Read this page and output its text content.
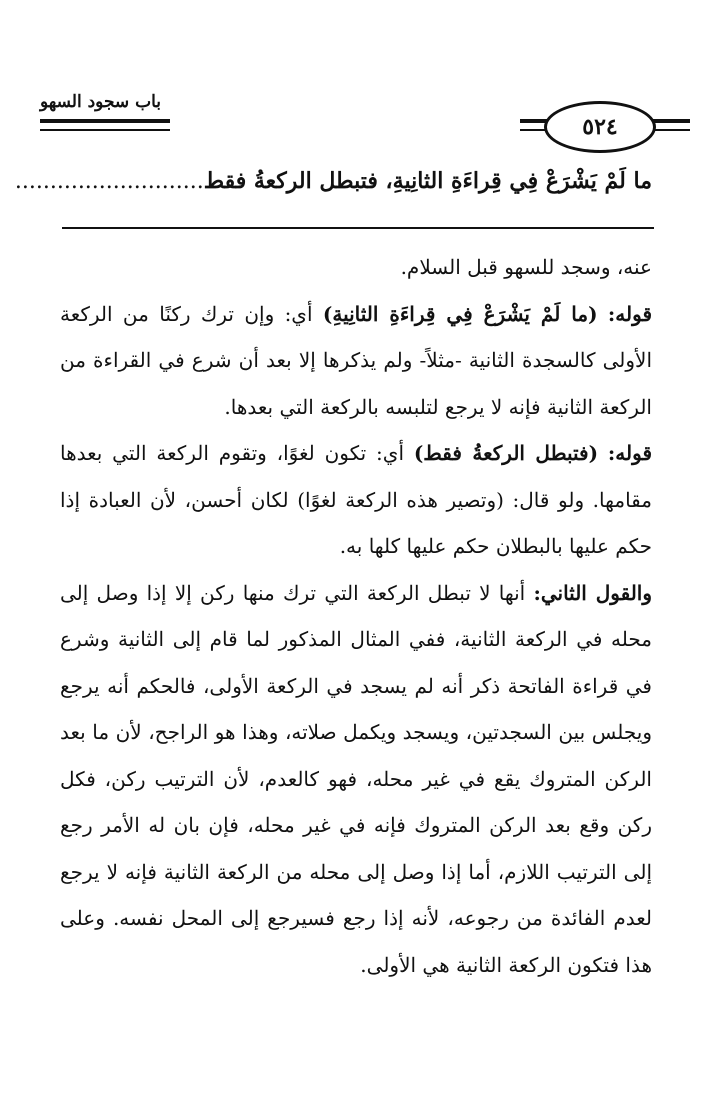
٥٢٤
باب سجود السهو
ما لَمْ يَشْرَعْ فِي قِراءَةِ الثانِيةِ، فتبطل الركعةُ فقط...........................

عنه، وسجد للسهو قبل السلام.

قوله: (ما لَمْ يَشْرَعْ فِي قِراءَةِ الثانِيةِ) أي: وإن ترك ركنًا من الركعة الأولى كالسجدة الثانية -مثلاً- ولم يذكرها إلا بعد أن شرع في القراءة من الركعة الثانية فإنه لا يرجع لتلبسه بالركعة التي بعدها.

قوله: (فتبطل الركعةُ فقط) أي: تكون لغوًا، وتقوم الركعة التي بعدها مقامها. ولو قال: (وتصير هذه الركعة لغوًا) لكان أحسن، لأن العبادة إذا حكم عليها بالبطلان حكم عليها كلها به.

والقول الثاني: أنها لا تبطل الركعة التي ترك منها ركن إلا إذا وصل إلى محله في الركعة الثانية، ففي المثال المذكور لما قام إلى الثانية وشرع في قراءة الفاتحة ذكر أنه لم يسجد في الركعة الأولى، فالحكم أنه يرجع ويجلس بين السجدتين، ويسجد ويكمل صلاته، وهذا هو الراجح، لأن ما بعد الركن المتروك يقع في غير محله، فهو كالعدم، لأن الترتيب ركن، فكل ركن وقع بعد الركن المتروك فإنه في غير محله، فإن بان له الأمر رجع إلى الترتيب اللازم، أما إذا وصل إلى محله من الركعة الثانية فإنه لا يرجع لعدم الفائدة من رجوعه، لأنه إذا رجع فسيرجع إلى المحل نفسه. وعلى هذا فتكون الركعة الثانية هي الأولى.
